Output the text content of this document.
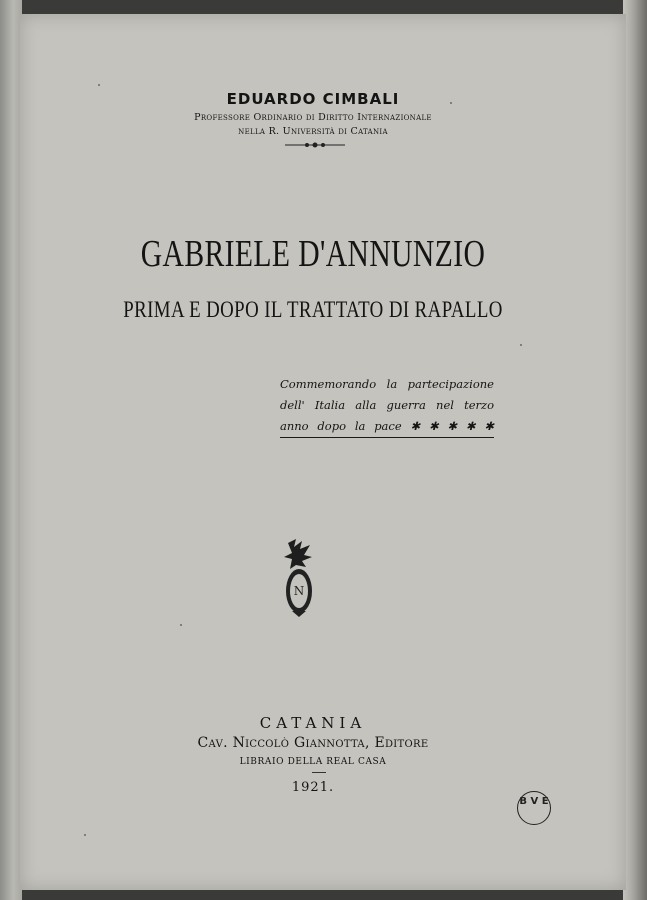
EDUARDO CIMBALI
Professore Ordinario di Diritto Internazionale
nella R. Università di Catania
GABRIELE D'ANNUNZIO
PRIMA E DOPO IL TRATTATO DI RAPALLO
Commemorando la partecipazione
dell' Italia alla guerra nel terzo
anno dopo la pace ✱ ✱ ✱ ✱ ✱
N
CATANIA
Cav. Niccolò Giannotta, Editore
LIBRAIO DELLA REAL CASA
1921.
B V E
